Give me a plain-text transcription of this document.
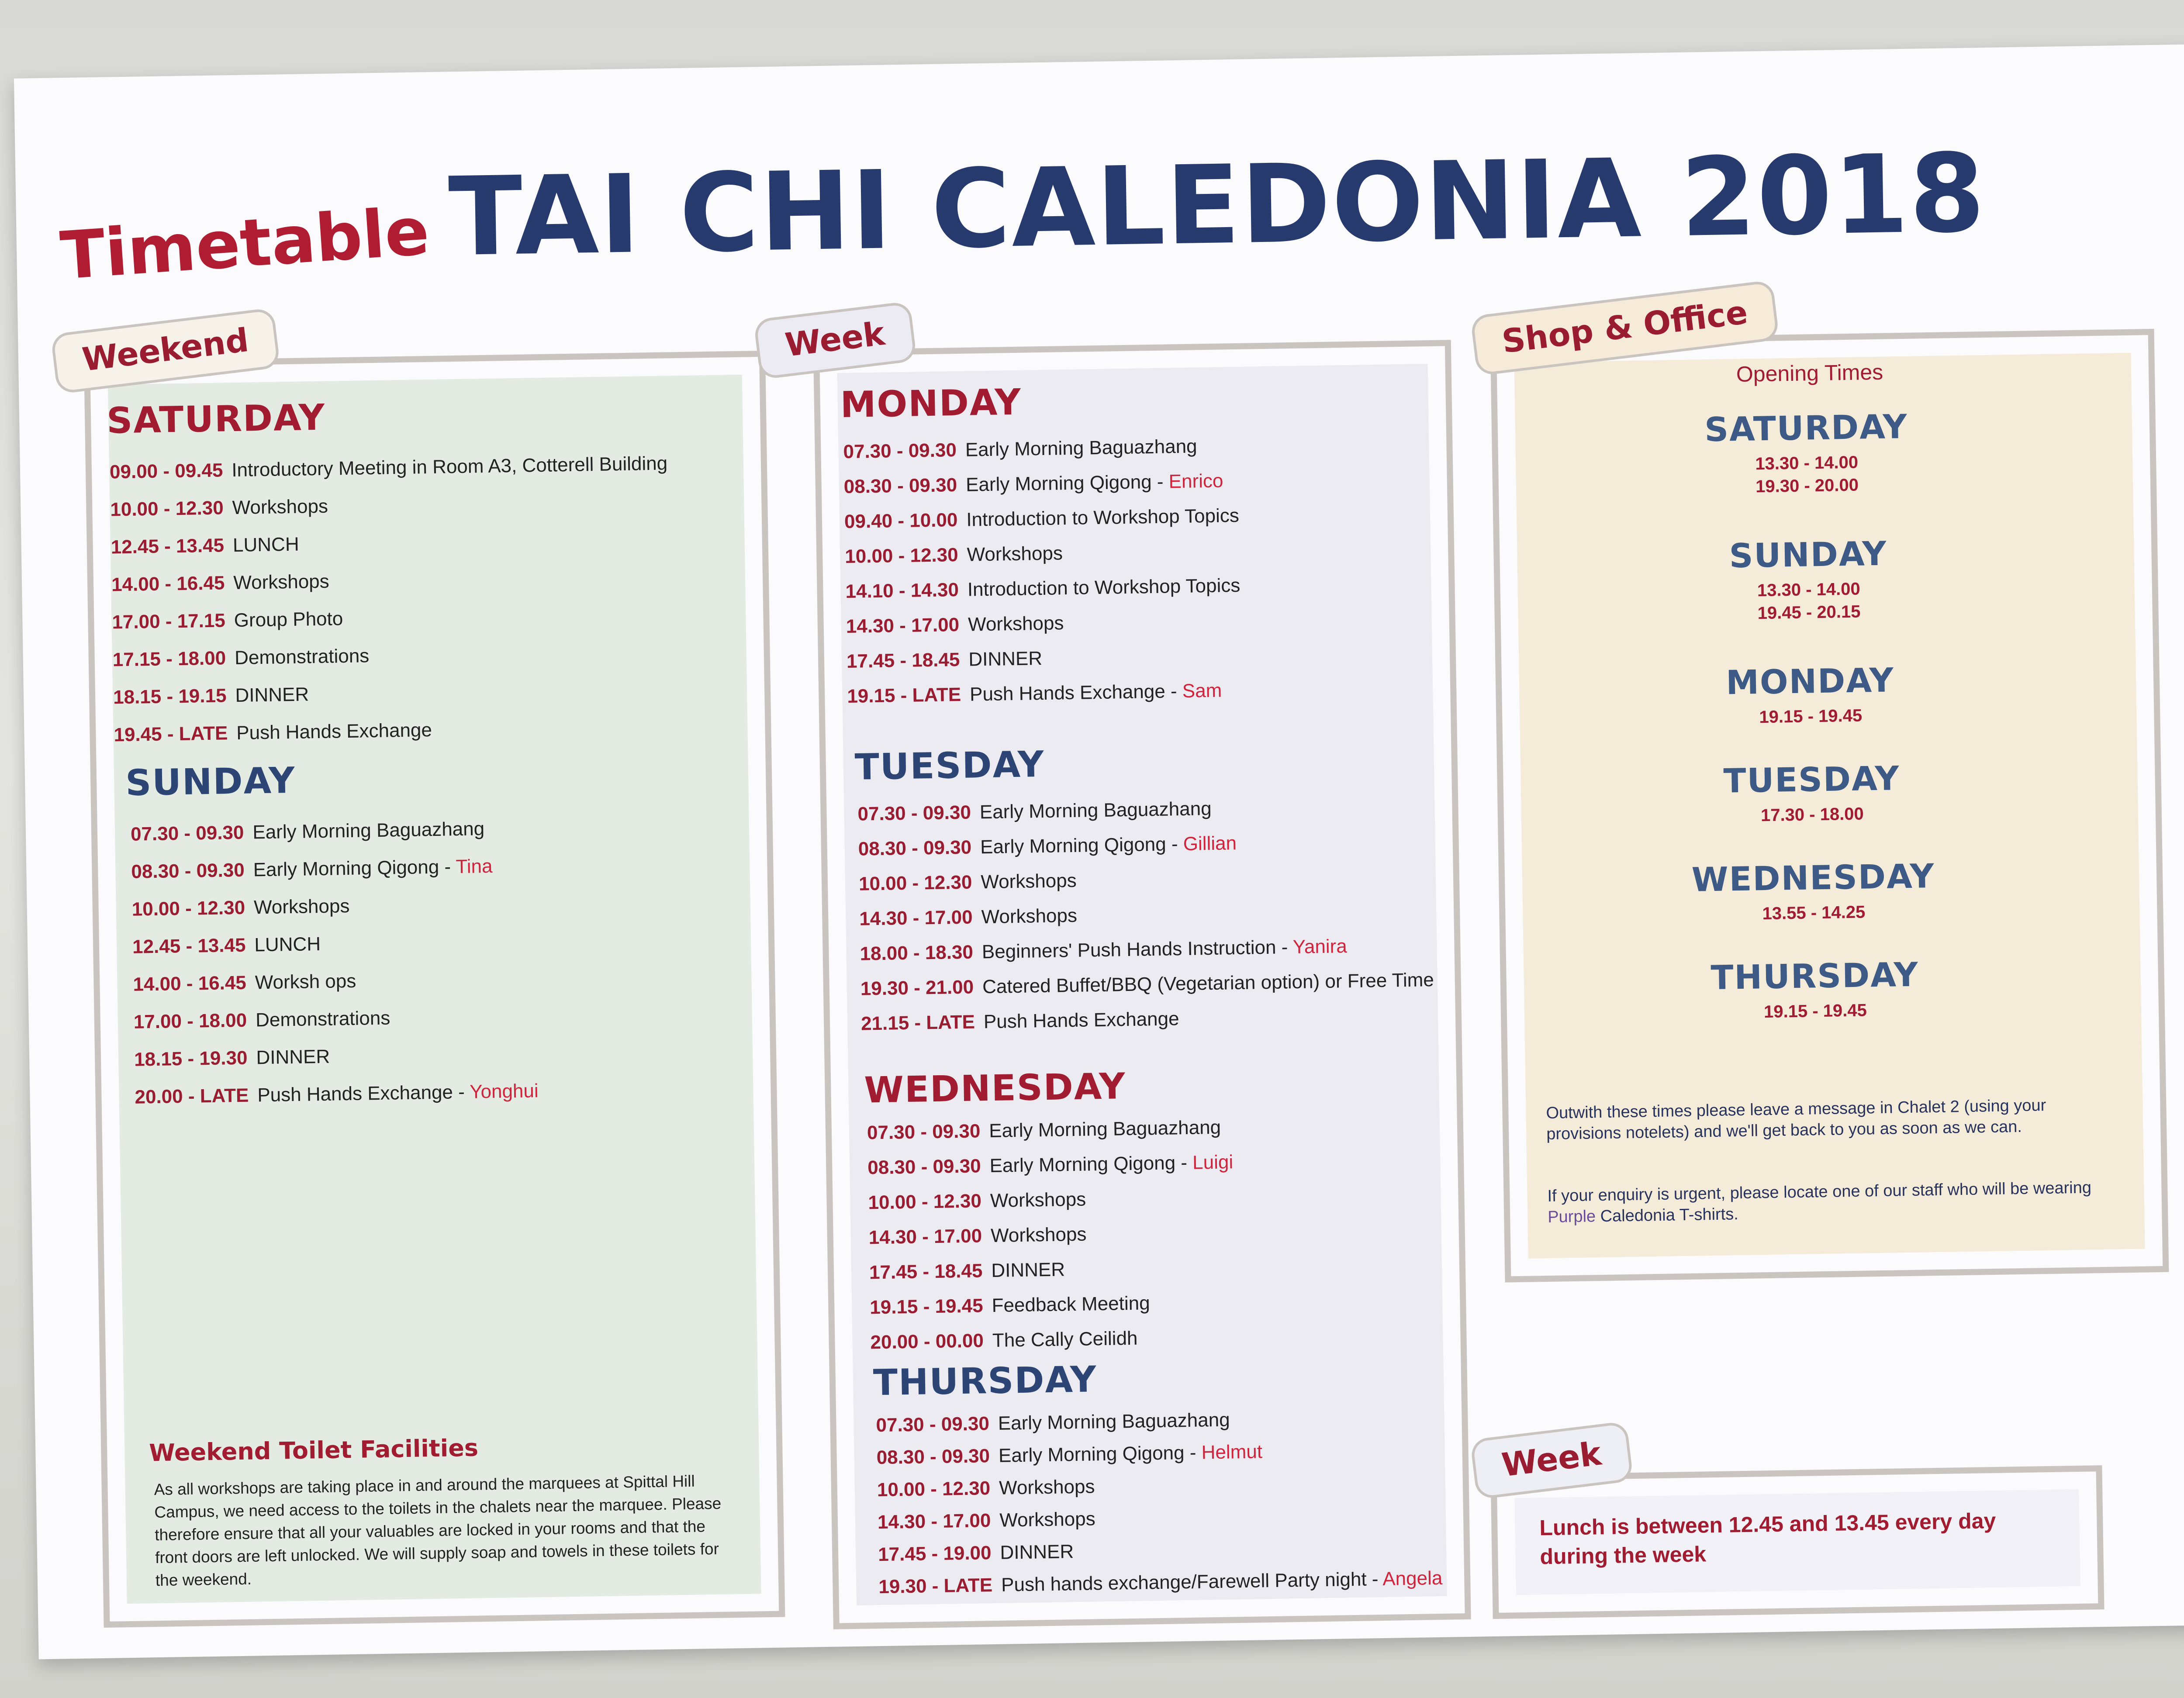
Timetable TAI CHI CALEDONIA 2018
Weekend
SATURDAY
09.00 - 09.45 Introductory Meeting in Room A3, Cotterell Building
10.00 - 12.30 Workshops
12.45 - 13.45 LUNCH
14.00 - 16.45 Workshops
17.00 - 17.15 Group Photo
17.15 - 18.00 Demonstrations
18.15 - 19.15 DINNER
19.45 - LATE Push Hands Exchange
SUNDAY
07.30 - 09.30 Early Morning Baguazhang
08.30 - 09.30 Early Morning Qigong - Tina
10.00 - 12.30 Workshops
12.45 - 13.45 LUNCH
14.00 - 16.45 Worksh ops
17.00 - 18.00 Demonstrations
18.15 - 19.30 DINNER
20.00 - LATE Push Hands Exchange - Yonghui
Weekend Toilet Facilities
As all workshops are taking place in and around the marquees at Spittal Hill Campus, we need access to the toilets in the chalets near the marquee. Please therefore ensure that all your valuables are locked in your rooms and that the front doors are left unlocked. We will supply soap and towels in these toilets for the weekend.
Week
MONDAY
07.30 - 09.30 Early Morning Baguazhang
08.30 - 09.30 Early Morning Qigong - Enrico
09.40 - 10.00 Introduction to Workshop Topics
10.00 - 12.30 Workshops
14.10 - 14.30 Introduction to Workshop Topics
14.30 - 17.00 Workshops
17.45 - 18.45 DINNER
19.15 - LATE Push Hands Exchange - Sam
TUESDAY
07.30 - 09.30 Early Morning Baguazhang
08.30 - 09.30 Early Morning Qigong - Gillian
10.00 - 12.30 Workshops
14.30 - 17.00 Workshops
18.00 - 18.30 Beginners' Push Hands Instruction - Yanira
19.30 - 21.00 Catered Buffet/BBQ (Vegetarian option) or Free Time
21.15 - LATE Push Hands Exchange
WEDNESDAY
07.30 - 09.30 Early Morning Baguazhang
08.30 - 09.30 Early Morning Qigong - Luigi
10.00 - 12.30 Workshops
14.30 - 17.00 Workshops
17.45 - 18.45 DINNER
19.15 - 19.45 Feedback Meeting
20.00 - 00.00 The Cally Ceilidh
THURSDAY
07.30 - 09.30 Early Morning Baguazhang
08.30 - 09.30 Early Morning Qigong - Helmut
10.00 - 12.30 Workshops
14.30 - 17.00 Workshops
17.45 - 19.00 DINNER
19.30 - LATE Push hands exchange/Farewell Party night - Angela
Shop & Office
Opening Times
SATURDAY
13.30 - 14.00
19.30 - 20.00
SUNDAY
13.30 - 14.00
19.45 - 20.15
MONDAY
19.15 - 19.45
TUESDAY
17.30 - 18.00
WEDNESDAY
13.55 - 14.25
THURSDAY
19.15 - 19.45
Outwith these times please leave a message in Chalet 2 (using your provisions notelets) and we'll get back to you as soon as we can.
If your enquiry is urgent, please locate one of our staff who will be wearing Purple Caledonia T-shirts.
Week
Lunch is between 12.45 and 13.45 every day during the week
